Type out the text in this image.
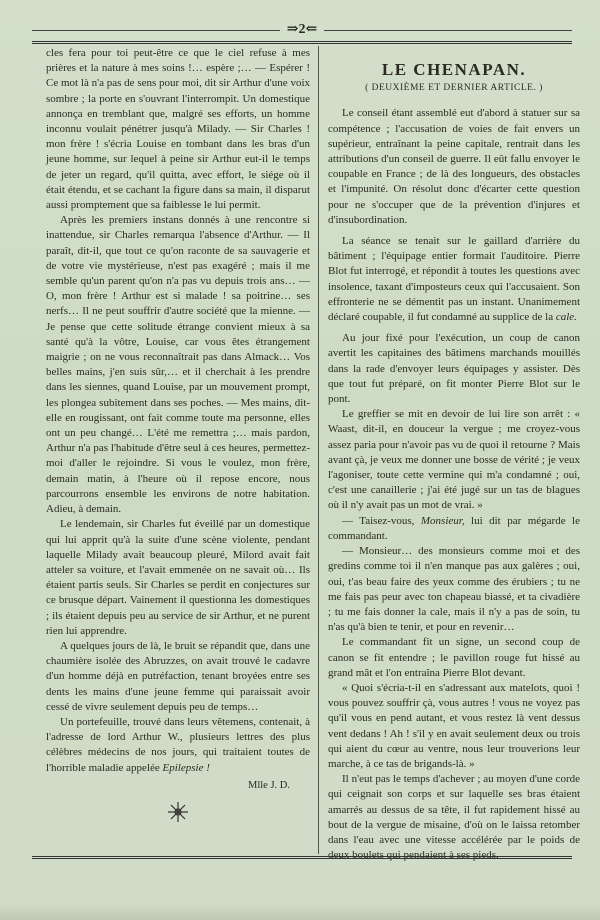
⇒2⇐

cles fera pour toi peut-être ce que le ciel refuse à mes prières et la nature à mes soins !… espère ;… — Espérer ! Ce mot là n'a pas de sens pour moi, dit sir Arthur d'une voix sombre ; la porte en s'ouvrant l'interrompit. Un domestique annonça en tremblant que, malgré ses efforts, un homme inconnu voulait pénétrer jusqu'à Milady. — Sir Charles ! mon frère ! s'écria Louise en tombant dans les bras d'un jeune homme, sur lequel à peine sir Arthur eut-il le temps de jeter un regard, qu'il quitta, avec effort, le siége où il était étendu, et se cachant la figure dans sa main, il disparut aussi promptement que sa faiblesse le lui permit.

Après les premiers instans donnés à une rencontre si inattendue, sir Charles remarqua l'absence d'Arthur. — Il paraît, dit-il, que tout ce qu'on raconte de sa sauvagerie et de votre vie mystérieuse, n'est pas exagéré ; mais il me semble qu'un parent qu'on n'a pas vu depuis trois ans… — O, mon frère ! Arthur est si malade ! sa poitrine… ses nerfs… Il ne peut souffrir d'autre société que la mienne. — Je pense que cette solitude étrange convient mieux à sa santé qu'à la vôtre, Louise, car vous êtes étrangement maigrie ; on ne vous reconnaîtrait pas dans Almack… Vos belles mains, j'en suis sûr,… et il cherchait à les prendre dans les siennes, quand Louise, par un mouvement prompt, les plongea subitement dans ses poches. — Mes mains, dit-elle en rougissant, ont fait comme toute ma personne, elles ont un peu changé… L'été me remettra ;… mais pardon, Arthur n'a pas l'habitude d'être seul à ces heures, permettez-moi d'aller le rejoindre. Si vous le voulez, mon frère, demain matin, à l'heure où il repose encore, nous parcourrons ensemble les environs de notre habitation. Adieu, à demain.

Le lendemain, sir Charles fut éveillé par un domestique qui lui apprit qu'à la suite d'une scène violente, pendant laquelle Milady avait beaucoup pleuré, Milord avait fait atteler sa voiture, et l'avait emmenée on ne savait où… Ils étaient partis seuls. Sir Charles se perdit en conjectures sur ce brusque départ. Vainement il questionna les domestiques ; ils étaient depuis peu au service de sir Arthur, et ne purent rien lui apprendre.

A quelques jours de là, le bruit se répandit que, dans une chaumière isolée des Abruzzes, on avait trouvé le cadavre d'un homme déjà en putréfaction, tenant broyées entre ses dents les mains d'une jeune femme qui paraissait avoir cessé de vivre seulement depuis peu de temps…

Un portefeuille, trouvé dans leurs vêtemens, contenait, à l'adresse de lord Arthur W., plusieurs lettres des plus célèbres médecins de nos jours, qui traitaient toutes de l'horrible maladie appelée Epilepsie !

Mlle J. D.
LE CHENAPAN.
( DEUXIÈME ET DERNIER ARTICLE. )

Le conseil étant assemblé eut d'abord à statuer sur sa compétence ; l'accusation de voies de fait envers un supérieur, entraînant la peine capitale, rentrait dans les attributions d'un conseil de guerre. Il eût fallu envoyer le coupable en France ; de là des longueurs, des obstacles et l'impunité. On résolut donc d'écarter cette question pour ne s'occuper que de la prévention d'injures et d'insubordination.

La séance se tenait sur le gaillard d'arrière du bâtiment ; l'équipage entier formait l'auditoire. Pierre Blot fut interrogé, et répondit à toutes les questions avec insolence, taxant d'imposteurs ceux qui l'accusaient. Son effronterie ne se démentit pas un instant. Unanimement déclaré coupable, il fut condamné au supplice de la cale.

Au jour fixé pour l'exécution, un coup de canon avertit les capitaines des bâtimens marchands mouillés dans la rade d'envoyer leurs équipages y assister. Dès que tout fut préparé, on fit monter Pierre Blot sur le pont.

Le greffier se mit en devoir de lui lire son arrêt : « Waast, dit-il, en douceur la vergue ; me croyez-vous assez paria pour n'avoir pas vu de quoi il retourne ? Mais avant çà, je veux me donner une bosse de vérité ; je veux l'agoniser, toute cette vermine qui m'a condamné ; oui, c'est une canaillerie ; j'ai été jugé sur un tas de blagues où il n'y avait pas un mot de vrai. »

— Taisez-vous, Monsieur, lui dit par mégarde le commandant.

— Monsieur… des monsieurs comme moi et des gredins comme toi il n'en manque pas aux galères ; oui, oui, t'as beau faire des yeux comme des érubiers ; tu ne me fais pas peur avec ton chapeau biassé, et ta civadière ; tu me fais donner la cale, mais il n'y a pas de soin, tu n'as qu'à bien te tenir, et pour en revenir…

Le commandant fit un signe, un second coup de canon se fit entendre ; le pavillon rouge fut hissé au grand mât et l'on entraîna Pierre Blot devant.

« Quoi s'écria-t-il en s'adressant aux matelots, quoi ! vous pouvez souffrir çà, vous autres ! vous ne voyez pas qu'il vous en pend autant, et vous restez là vent dessus vent dedans ! Ah ! s'il y en avait seulement deux ou trois qui aient du cœur au ventre, nous leur trouverions leur marche, à ce tas de brigands-là. »

Il n'eut pas le temps d'achever ; au moyen d'une corde qui ceignait son corps et sur laquelle ses bras étaient amarrés au dessus de sa tête, il fut rapidement hissé au bout de la vergue de misaine, d'où on le laissa retomber dans l'eau avec une vitesse accélérée par le poids de deux boulets qui pendaient à ses pieds.
